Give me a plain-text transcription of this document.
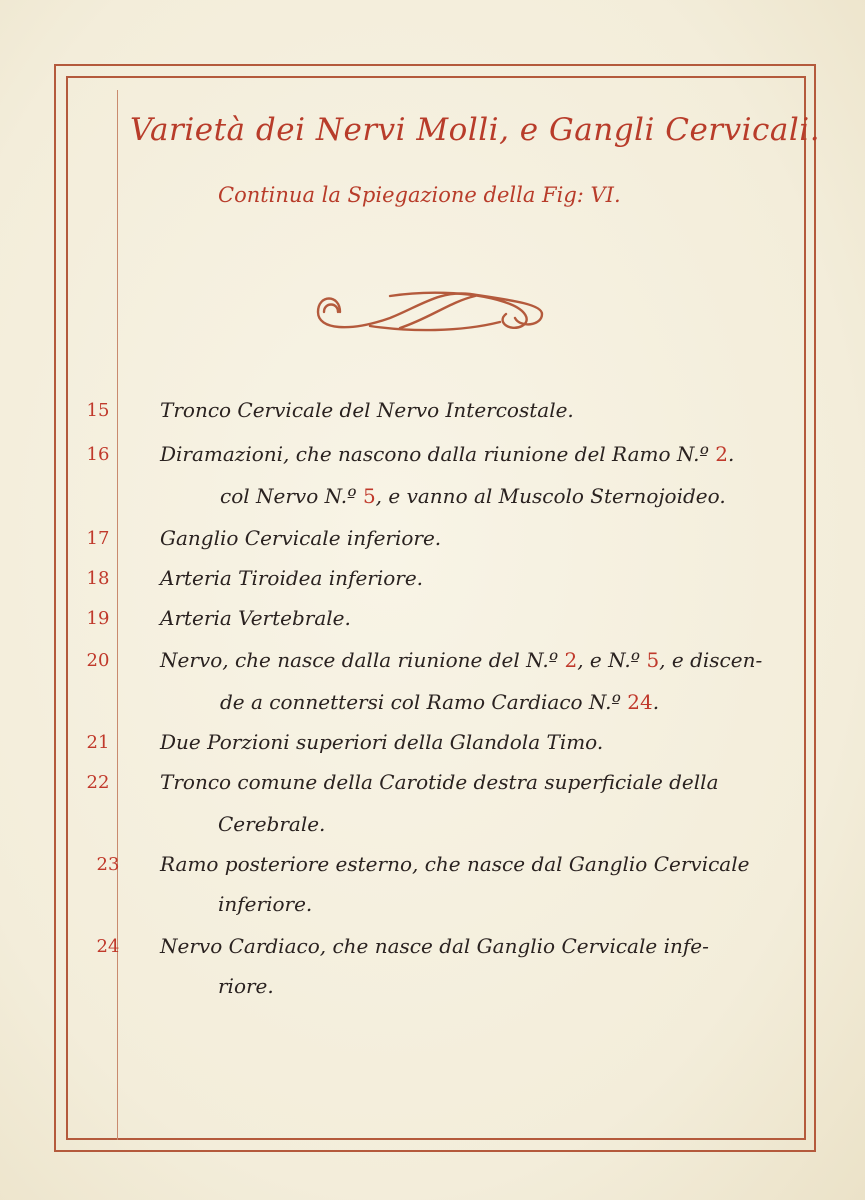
Varietà dei Nervi Molli, e Gangli Cervicali.
Continua la Spiegazione della Fig: VI.
15	Tronco Cervicale del Nervo Intercostale.
16	Diramazioni, che nascono dalla riunione del Ramo N.º 2.
col Nervo N.º 5, e vanno al Muscolo Sternojoideo.
17	Ganglio Cervicale inferiore.
18	Arteria Tiroidea inferiore.
19	Arteria Vertebrale.
20	Nervo, che nasce dalla riunione del N.º 2, e N.º 5, e discen-
de a connettersi col Ramo Cardiaco N.º 24.
21	Due Porzioni superiori della Glandola Timo.
22	Tronco comune della Carotide destra superficiale della
Cerebrale.
23	Ramo posteriore esterno, che nasce dal Ganglio Cervicale
inferiore.
24	Nervo Cardiaco, che nasce dal Ganglio Cervicale infe-
riore.
